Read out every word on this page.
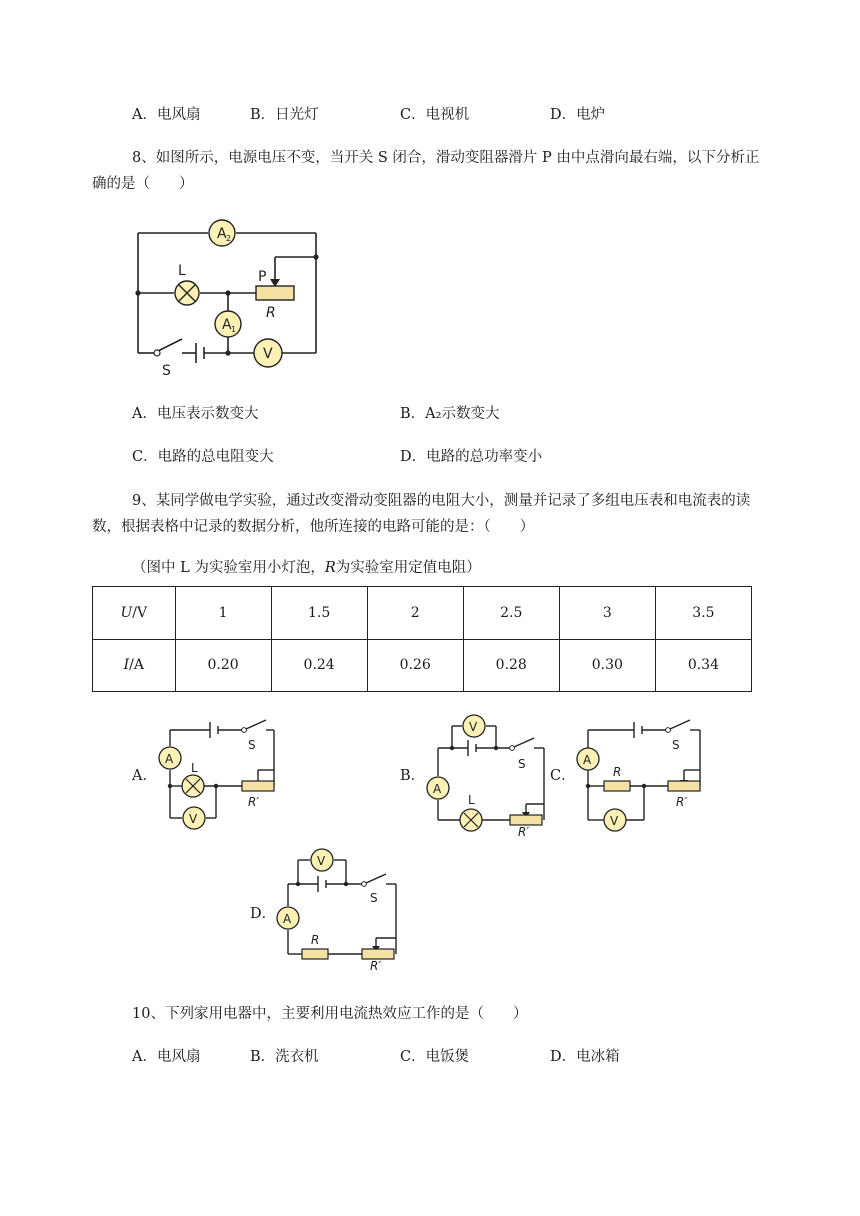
A．电风扇	B．日光灯	C．电视机	D．电炉
8、如图所示，电源电压不变，当开关 S 闭合，滑动变阻器滑片 P 由中点滑向最右端，以下分析正
确的是（　　）
A 2
L	P
R
A 1
V
S
A．电压表示数变大	B．A₂示数变大
C．电路的总电阻变大	D．电路的总功率变小
9、某同学做电学实验，通过改变滑动变阻器的电阻大小，测量并记录了多组电压表和电流表的读
数，根据表格中记录的数据分析，他所连接的电路可能的是：（　　）
（图中 L 为实验室用小灯泡，R为实验室用定值电阻）
U/V	1	1.5	2	2.5	3	3.5
I/A	0.20	0.24	0.26	0.28	0.30	0.34
A．
A
L
R′
V
S
B．
V
A
L
R′
S
C．
A
R
R′
V
S
D．
V
A
R
R′
S
10、下列家用电器中，主要利用电流热效应工作的是（　　）
A．电风扇	B．洗衣机	C．电饭煲	D．电冰箱
